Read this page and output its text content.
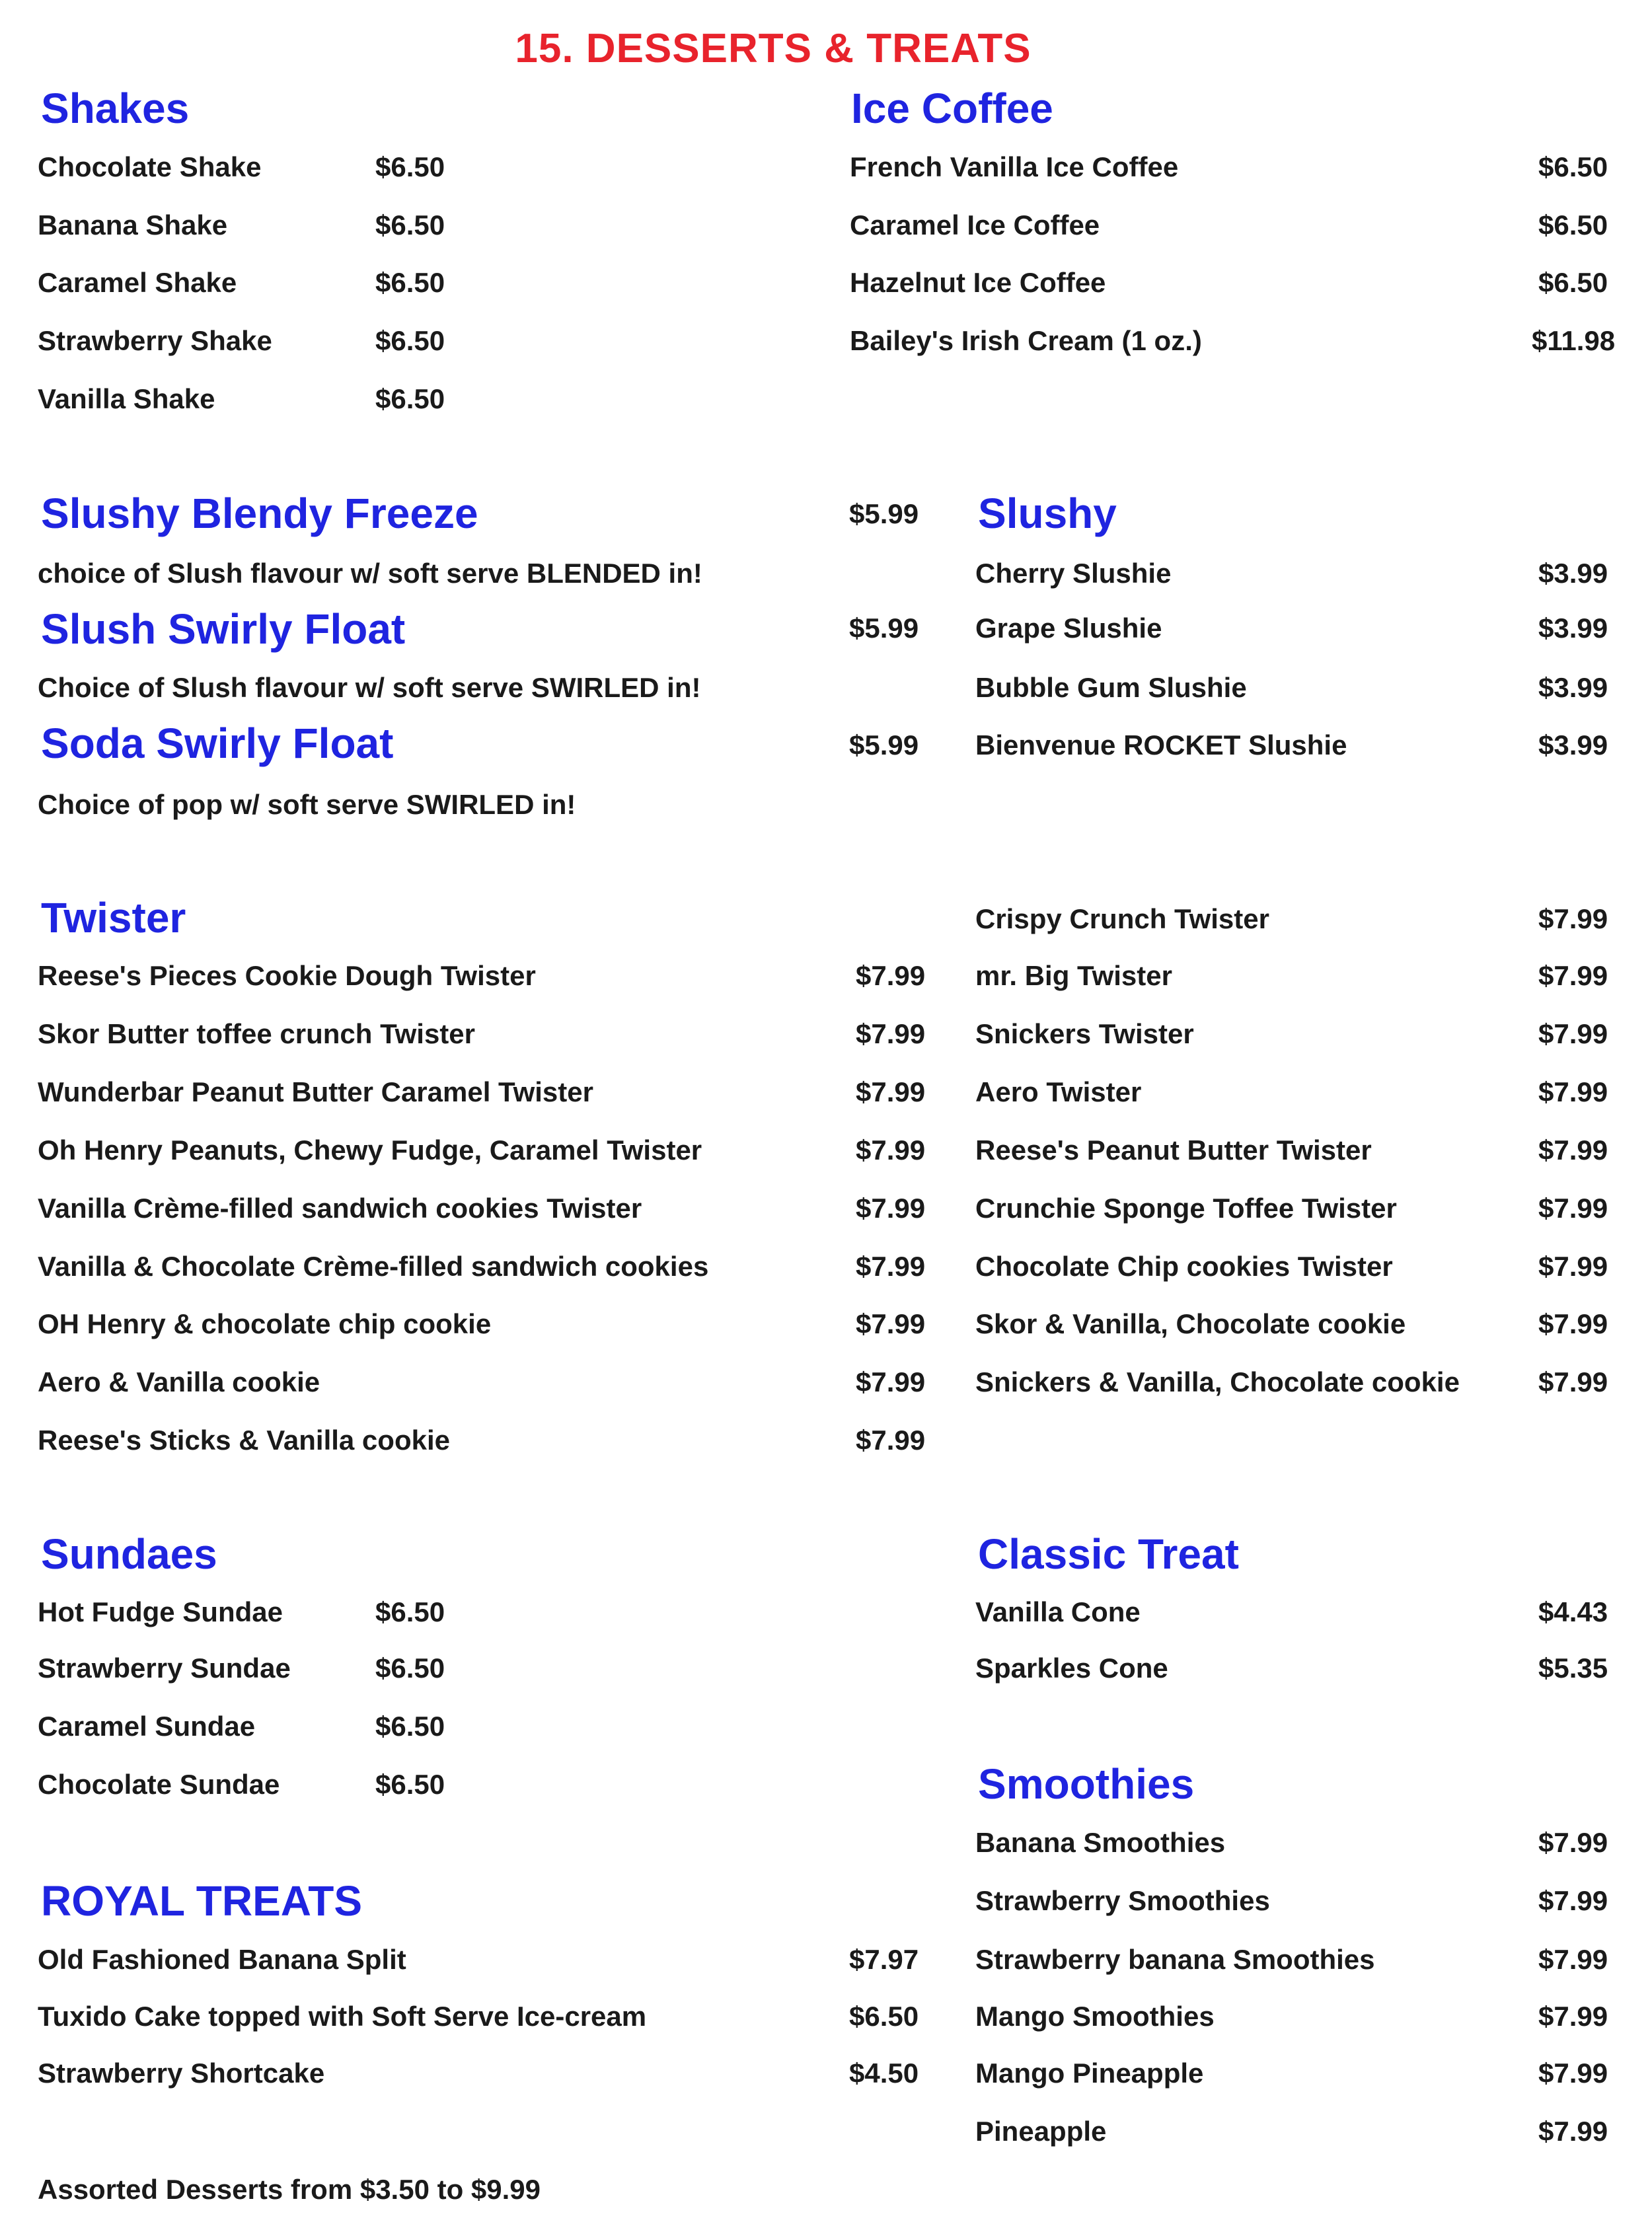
15. DESSERTS & TREATS
Shakes
Chocolate Shake	$6.50
Banana Shake	$6.50
Caramel Shake	$6.50
Strawberry Shake	$6.50
Vanilla Shake	$6.50
Ice Coffee
French Vanilla Ice Coffee	$6.50
Caramel Ice Coffee	$6.50
Hazelnut Ice Coffee	$6.50
Bailey's Irish Cream (1 oz.)	$11.98
Slushy Blendy Freeze	$5.99
choice of Slush flavour w/ soft serve BLENDED in!
Slush Swirly Float	$5.99
Choice of Slush flavour w/ soft serve SWIRLED in!
Soda Swirly Float	$5.99
Choice of pop w/ soft serve SWIRLED in!
Slushy
Cherry Slushie	$3.99
Grape Slushie	$3.99
Bubble Gum Slushie	$3.99
Bienvenue ROCKET Slushie	$3.99
Twister
Reese's Pieces Cookie Dough Twister	$7.99
Skor Butter toffee crunch Twister	$7.99
Wunderbar Peanut Butter Caramel Twister	$7.99
Oh Henry Peanuts, Chewy Fudge, Caramel Twister	$7.99
Vanilla Crème-filled sandwich cookies Twister	$7.99
Vanilla & Chocolate Crème-filled sandwich cookies	$7.99
OH Henry & chocolate chip cookie	$7.99
Aero & Vanilla cookie	$7.99
Reese's Sticks & Vanilla cookie	$7.99
Crispy Crunch Twister	$7.99
mr. Big Twister	$7.99
Snickers Twister	$7.99
Aero Twister	$7.99
Reese's Peanut Butter Twister	$7.99
Crunchie Sponge Toffee Twister	$7.99
Chocolate Chip cookies Twister	$7.99
Skor & Vanilla, Chocolate cookie	$7.99
Snickers & Vanilla, Chocolate cookie	$7.99
Sundaes
Hot Fudge Sundae	$6.50
Strawberry Sundae	$6.50
Caramel Sundae	$6.50
Chocolate Sundae	$6.50
Classic Treat
Vanilla Cone	$4.43
Sparkles Cone	$5.35
ROYAL TREATS
Old Fashioned Banana Split	$7.97
Tuxido Cake topped with Soft Serve Ice-cream	$6.50
Strawberry Shortcake	$4.50
Smoothies
Banana Smoothies	$7.99
Strawberry Smoothies	$7.99
Strawberry banana Smoothies	$7.99
Mango Smoothies	$7.99
Mango Pineapple	$7.99
Pineapple	$7.99
Assorted Desserts from $3.50 to $9.99
